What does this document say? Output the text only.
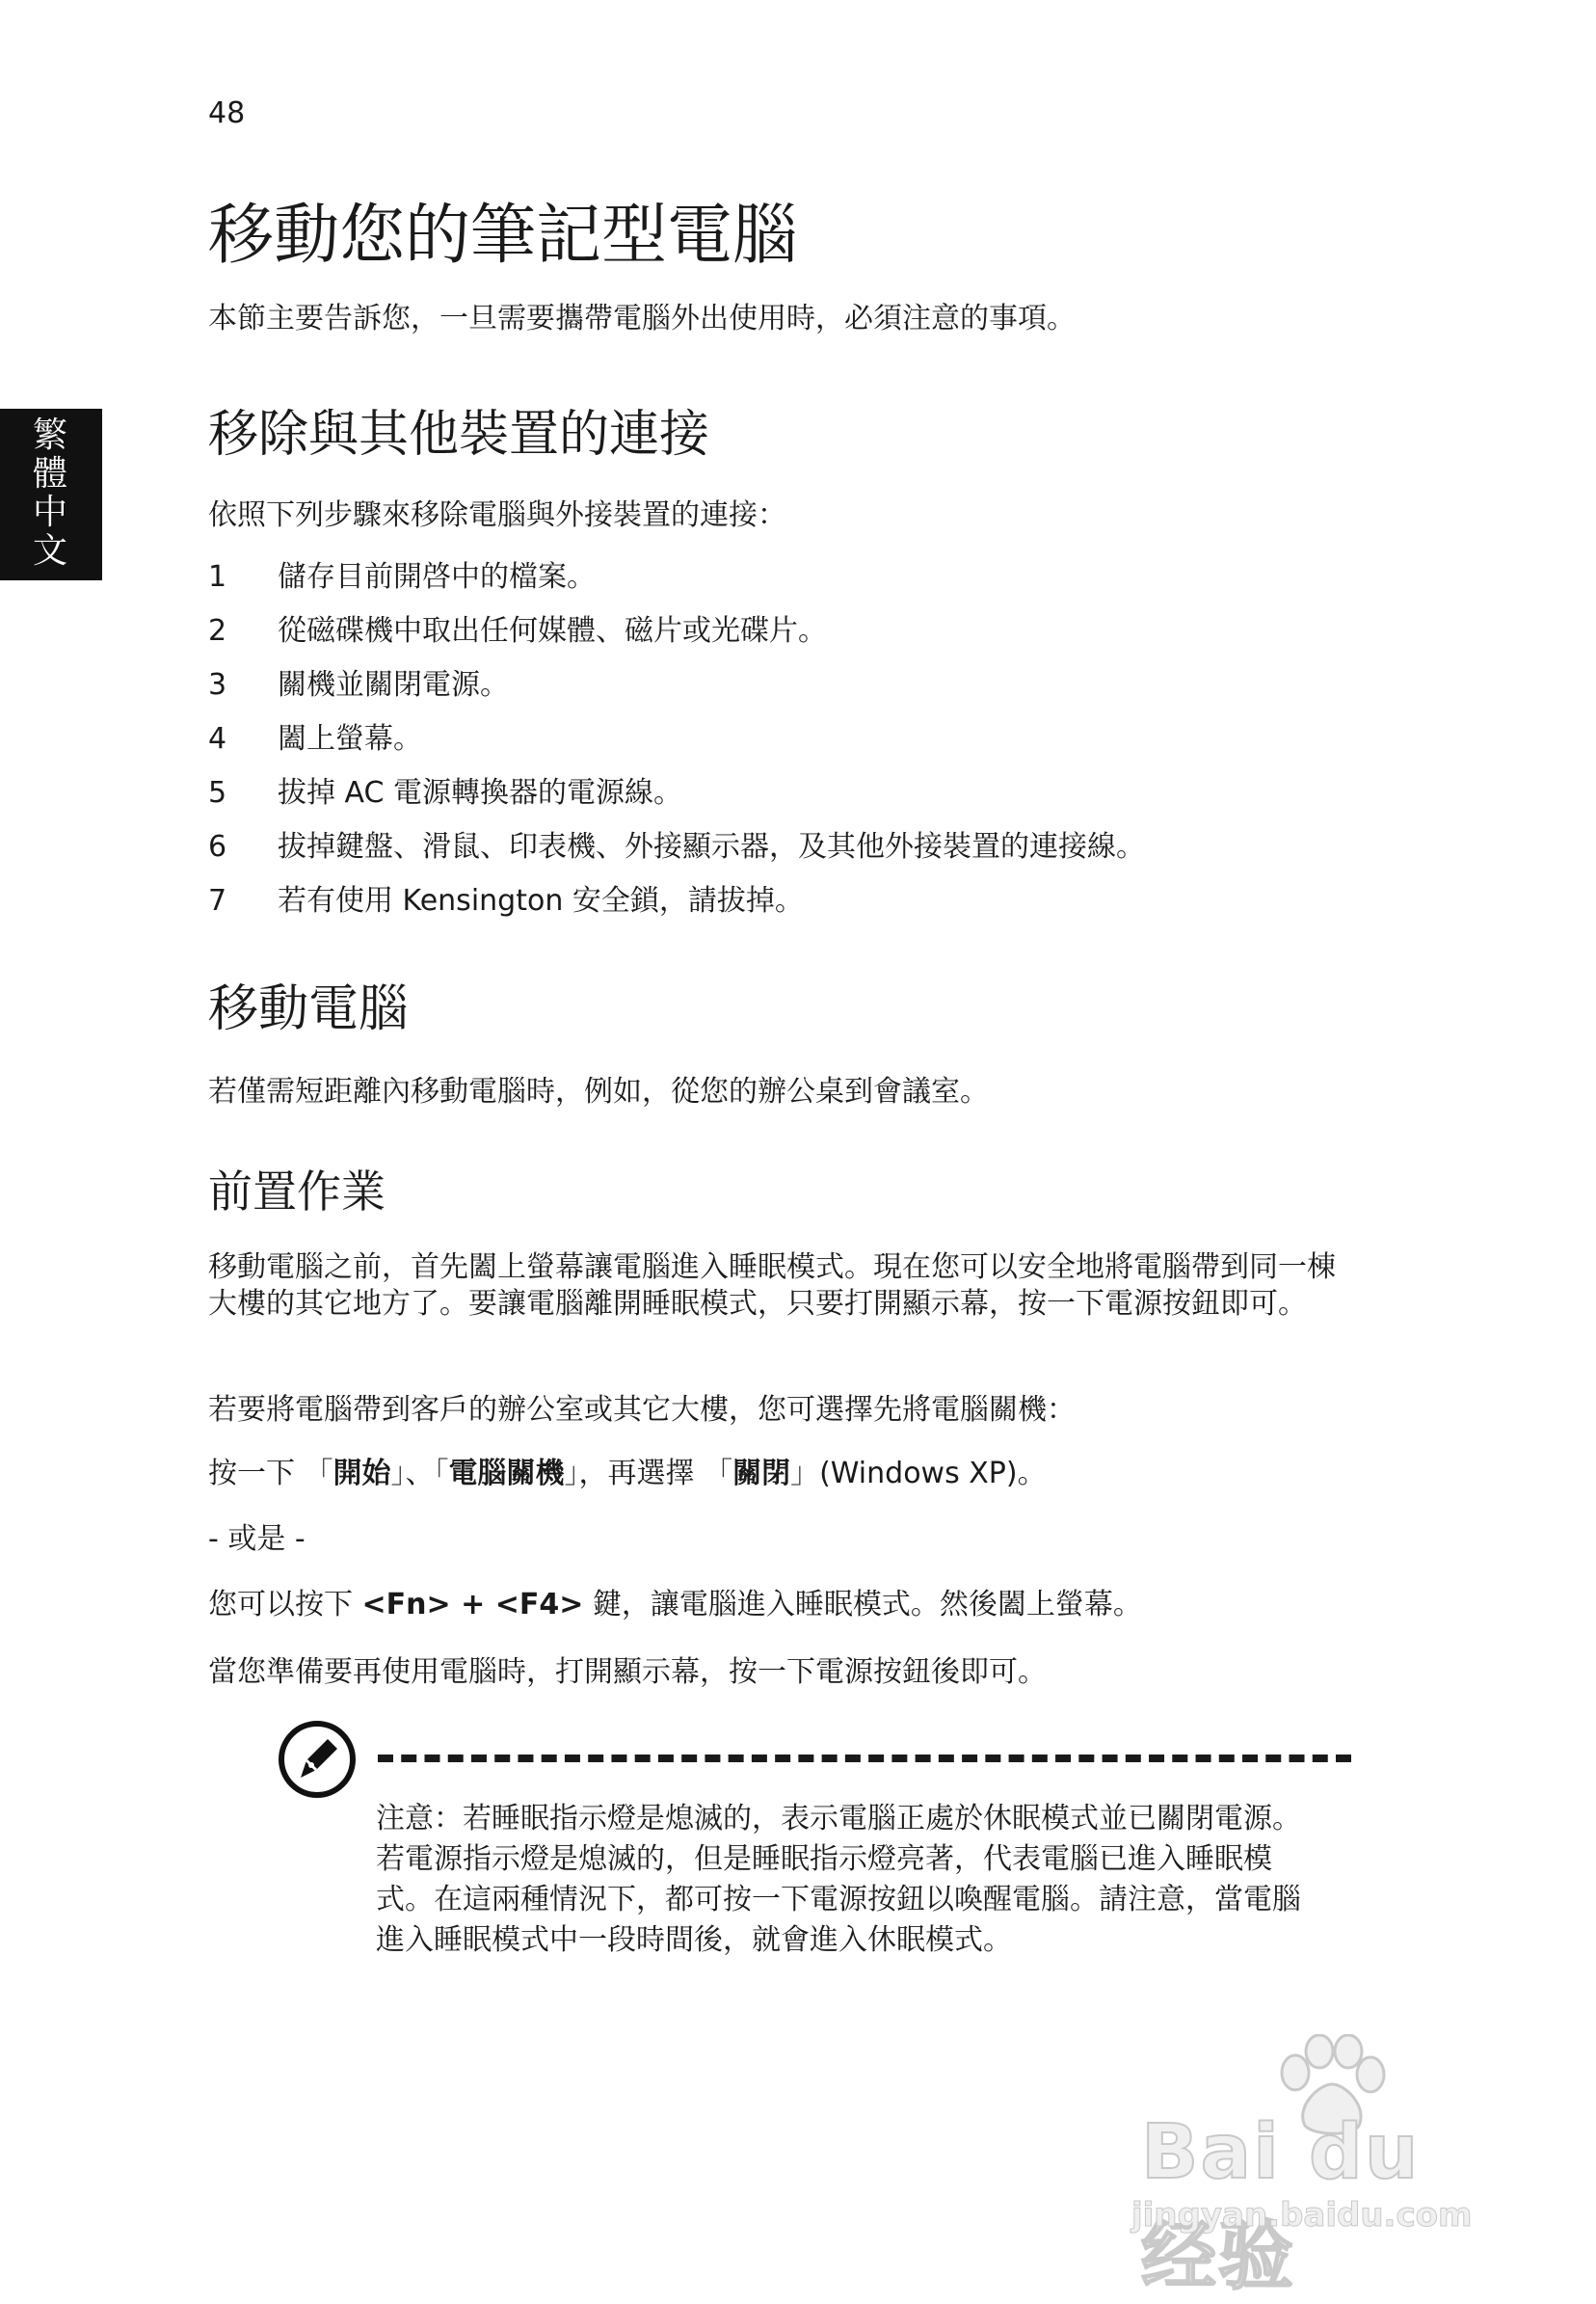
48
繁體中文
移動您的筆記型電腦

本節主要告訴您，一旦需要攜帶電腦外出使用時，必須注意的事項。

移除與其他裝置的連接

依照下列步驟來移除電腦與外接裝置的連接：

1	儲存目前開啓中的檔案。
2	從磁碟機中取出任何媒體、磁片或光碟片。
3	關機並關閉電源。
4	闔上螢幕。
5	拔掉 AC 電源轉換器的電源線。
6	拔掉鍵盤、滑鼠、印表機、外接顯示器，及其他外接裝置的連接線。
7	若有使用 Kensington 安全鎖，請拔掉。
移動電腦

若僅需短距離內移動電腦時，例如，從您的辦公桌到會議室。

前置作業

移動電腦之前，首先闔上螢幕讓電腦進入睡眠模式。現在您可以安全地將電腦帶到同一棟大樓的其它地方了。要讓電腦離開睡眠模式，只要打開顯示幕，按一下電源按鈕即可。

若要將電腦帶到客戶的辦公室或其它大樓，您可選擇先將電腦關機：

按一下 「開始」、「電腦關機」，再選擇 「關閉」(Windows XP)。

- 或是 -

您可以按下 <Fn> + <F4> 鍵，讓電腦進入睡眠模式。然後闔上螢幕。

當您準備要再使用電腦時，打開顯示幕，按一下電源按鈕後即可。

注意：若睡眠指示燈是熄滅的，表示電腦正處於休眠模式並已關閉電源。若電源指示燈是熄滅的，但是睡眠指示燈亮著，代表電腦已進入睡眠模式。在這兩種情況下，都可按一下電源按鈕以喚醒電腦。請注意，當電腦進入睡眠模式中一段時間後，就會進入休眠模式。

Bai du 经验
jingyan.baidu.com
